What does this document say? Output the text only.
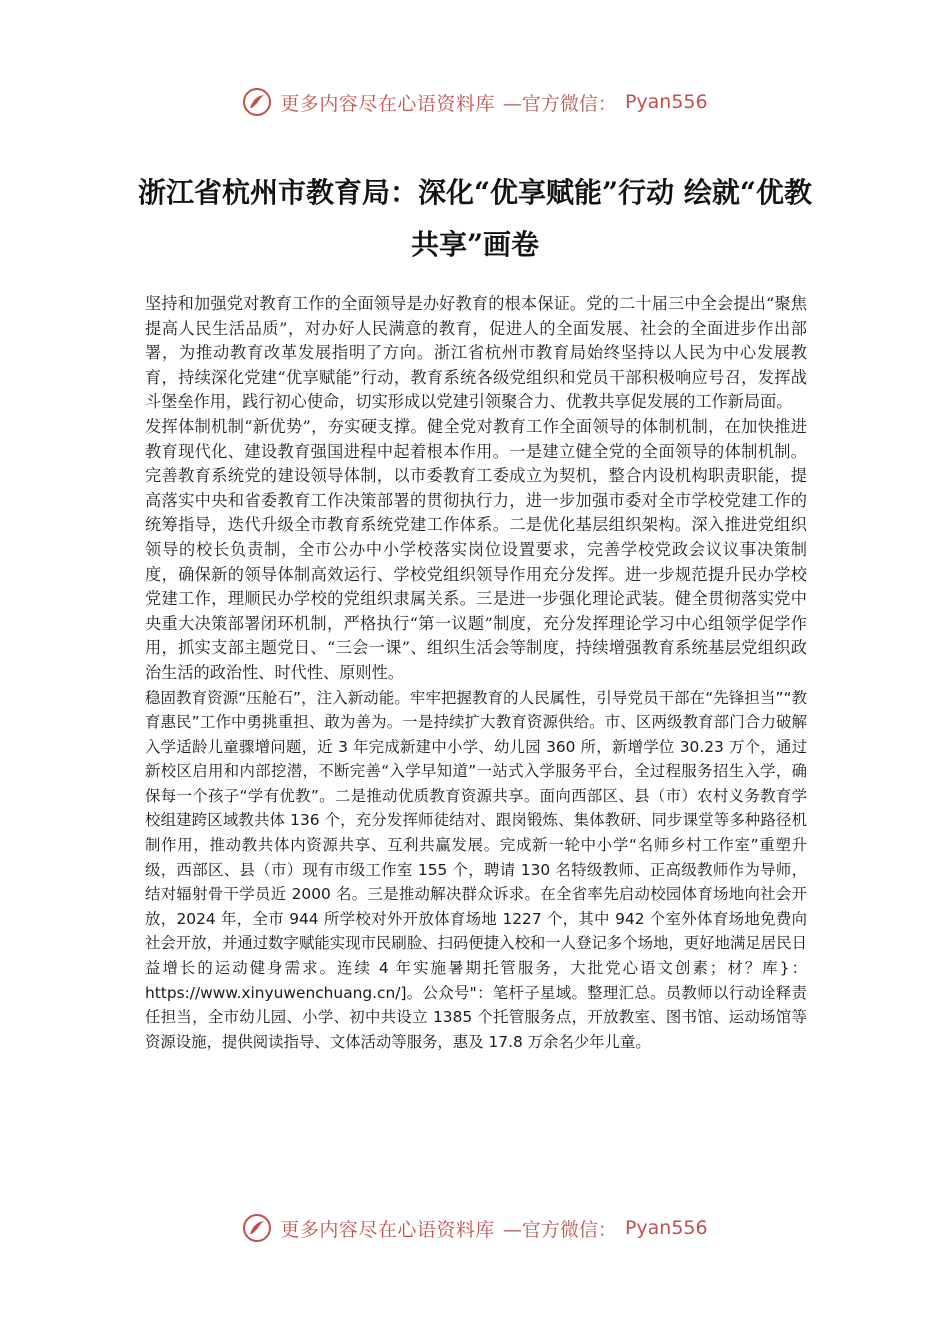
更多内容尽在心语资料库 —官方微信： Pyan556
浙江省杭州市教育局：深化“优享赋能”行动 绘就“优教共享”画卷

坚持和加强党对教育工作的全面领导是办好教育的根本保证。党的二十届三中全会提出“聚焦提高人民生活品质”，对办好人民满意的教育，促进人的全面发展、社会的全面进步作出部署，为推动教育改革发展指明了方向。浙江省杭州市教育局始终坚持以人民为中心发展教育，持续深化党建“优享赋能”行动，教育系统各级党组织和党员干部积极响应号召，发挥战斗堡垒作用，践行初心使命，切实形成以党建引领聚合力、优教共享促发展的工作新局面。

发挥体制机制“新优势”，夯实硬支撑。健全党对教育工作全面领导的体制机制，在加快推进教育现代化、建设教育强国进程中起着根本作用。一是建立健全党的全面领导的体制机制。完善教育系统党的建设领导体制，以市委教育工委成立为契机，整合内设机构职责职能，提高落实中央和省委教育工作决策部署的贯彻执行力，进一步加强市委对全市学校党建工作的统筹指导，迭代升级全市教育系统党建工作体系。二是优化基层组织架构。深入推进党组织领导的校长负责制，全市公办中小学校落实岗位设置要求，完善学校党政会议议事决策制度，确保新的领导体制高效运行、学校党组织领导作用充分发挥。进一步规范提升民办学校党建工作，理顺民办学校的党组织隶属关系。三是进一步强化理论武装。健全贯彻落实党中央重大决策部署闭环机制，严格执行“第一议题”制度，充分发挥理论学习中心组领学促学作用，抓实支部主题党日、“三会一课”、组织生活会等制度，持续增强教育系统基层党组织政治生活的政治性、时代性、原则性。

稳固教育资源“压舱石”，注入新动能。牢牢把握教育的人民属性，引导党员干部在“先锋担当”“教育惠民”工作中勇挑重担、敢为善为。一是持续扩大教育资源供给。市、区两级教育部门合力破解入学适龄儿童骤增问题，近 3 年完成新建中小学、幼儿园 360 所，新增学位 30.23 万个，通过新校区启用和内部挖潜，不断完善“入学早知道”一站式入学服务平台，全过程服务招生入学，确保每一个孩子“学有优教”。二是推动优质教育资源共享。面向西部区、县（市）农村义务教育学校组建跨区域教共体 136 个，充分发挥师徒结对、跟岗锻炼、集体教研、同步课堂等多种路径机制作用，推动教共体内资源共享、互利共赢发展。完成新一轮中小学“名师乡村工作室”重塑升级，西部区、县（市）现有市级工作室 155 个，聘请 130 名特级教师、正高级教师作为导师，结对辐射骨干学员近 2000 名。三是推动解决群众诉求。在全省率先启动校园体育场地向社会开放，2024 年，全市 944 所学校对外开放体育场地 1227 个，其中 942 个室外体育场地免费向社会开放，并通过数字赋能实现市民刷脸、扫码便捷入校和一人登记多个场地，更好地满足居民日益增长的运动健身需求。连续 4 年实施暑期托管服务，大批党心语文创素；材？库}：https://www.xinyuwenchuang.cn/]。公众号"：笔杆子星域。整理汇总。员教师以行动诠释责任担当，全市幼儿园、小学、初中共设立 1385 个托管服务点，开放教室、图书馆、运动场馆等资源设施，提供阅读指导、文体活动等服务，惠及 17.8 万余名少年儿童。

更多内容尽在心语资料库 —官方微信： Pyan556
